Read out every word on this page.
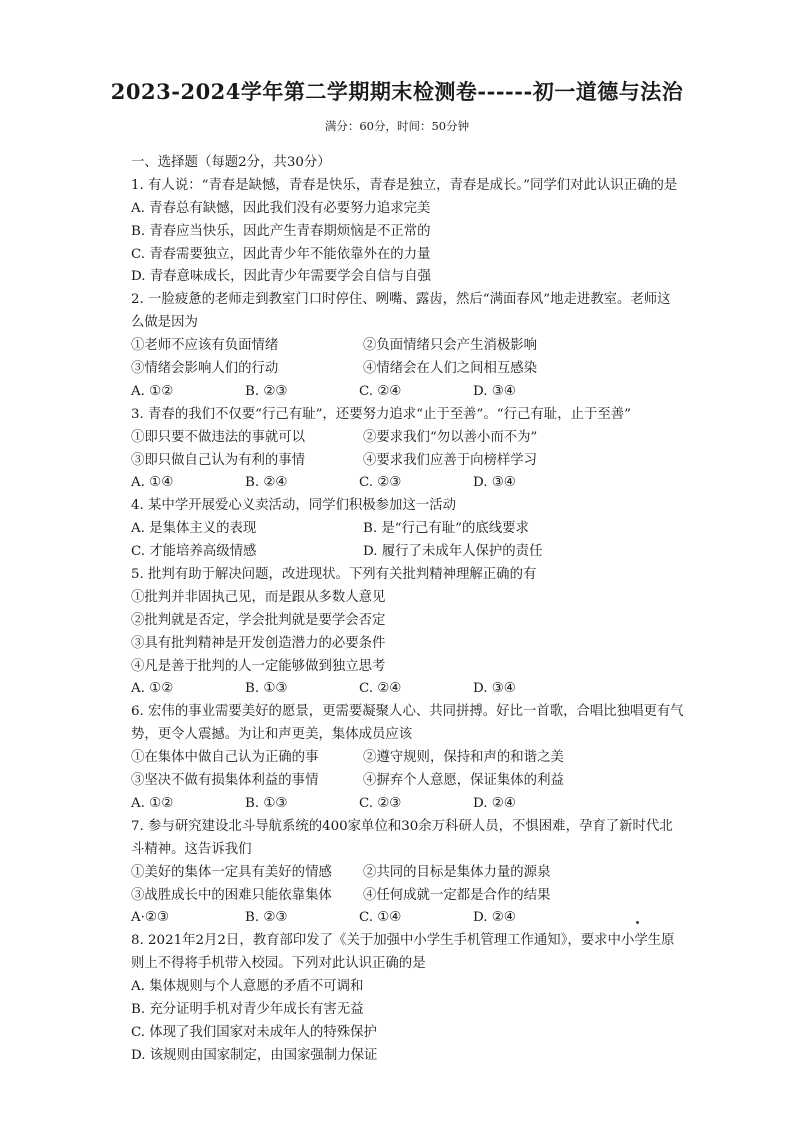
2023-2024学年第二学期期末检测卷------初一道德与法治
满分：60分，时间：50分钟
一、选择题（每题2分，共30分）
1. 有人说：“青春是缺憾，青春是快乐，青春是独立，青春是成长。”同学们对此认识正确的是
A. 青春总有缺憾，因此我们没有必要努力追求完美
B. 青春应当快乐，因此产生青春期烦恼是不正常的
C. 青春需要独立，因此青少年不能依靠外在的力量
D. 青春意味成长，因此青少年需要学会自信与自强
2. 一脸疲惫的老师走到教室门口时停住、咧嘴、露齿，然后“满面春风”地走进教室。老师这
么做是因为
①老师不应该有负面情绪	②负面情绪只会产生消极影响
③情绪会影响人们的行动	④情绪会在人们之间相互感染
A. ①②	B. ②③	C. ②④	D. ③④
3. 青春的我们不仅要“行己有耻”，还要努力追求“止于至善”。“行己有耻，止于至善”
①即只要不做违法的事就可以	②要求我们“勿以善小而不为”
③即只做自己认为有利的事情	④要求我们应善于向榜样学习
A. ①④	B. ②④	C. ②③	D. ③④
4. 某中学开展爱心义卖活动，同学们积极参加这一活动
A. 是集体主义的表现	B. 是“行己有耻”的底线要求
C. 才能培养高级情感	D. 履行了未成年人保护的责任
5. 批判有助于解决问题，改进现状。下列有关批判精神理解正确的有
①批判并非固执己见，而是跟从多数人意见
②批判就是否定，学会批判就是要学会否定
③具有批判精神是开发创造潜力的必要条件
④凡是善于批判的人一定能够做到独立思考
A. ①②	B. ①③	C. ②④	D. ③④
6. 宏伟的事业需要美好的愿景，更需要凝聚人心、共同拼搏。好比一首歌，合唱比独唱更有气
势，更令人震撼。为让和声更美，集体成员应该
①在集体中做自己认为正确的事	②遵守规则，保持和声的和谐之美
③坚决不做有损集体利益的事情	④摒弃个人意愿，保证集体的利益
A. ①②	B. ①③	C. ②③	D. ②④
7. 参与研究建设北斗导航系统的400家单位和30余万科研人员，不惧困难，孕育了新时代北
斗精神。这告诉我们
①美好的集体一定具有美好的情感	②共同的目标是集体力量的源泉
③战胜成长中的困难只能依靠集体	④任何成就一定都是合作的结果
A·②③	B. ②③	C. ①④	D. ②④
8. 2021年2月2日，教育部印发了《关于加强中小学生手机管理工作通知》，要求中小学生原
则上不得将手机带入校园。下列对此认识正确的是
A. 集体规则与个人意愿的矛盾不可调和
B. 充分证明手机对青少年成长有害无益
C. 体现了我们国家对未成年人的特殊保护
D. 该规则由国家制定，由国家强制力保证
